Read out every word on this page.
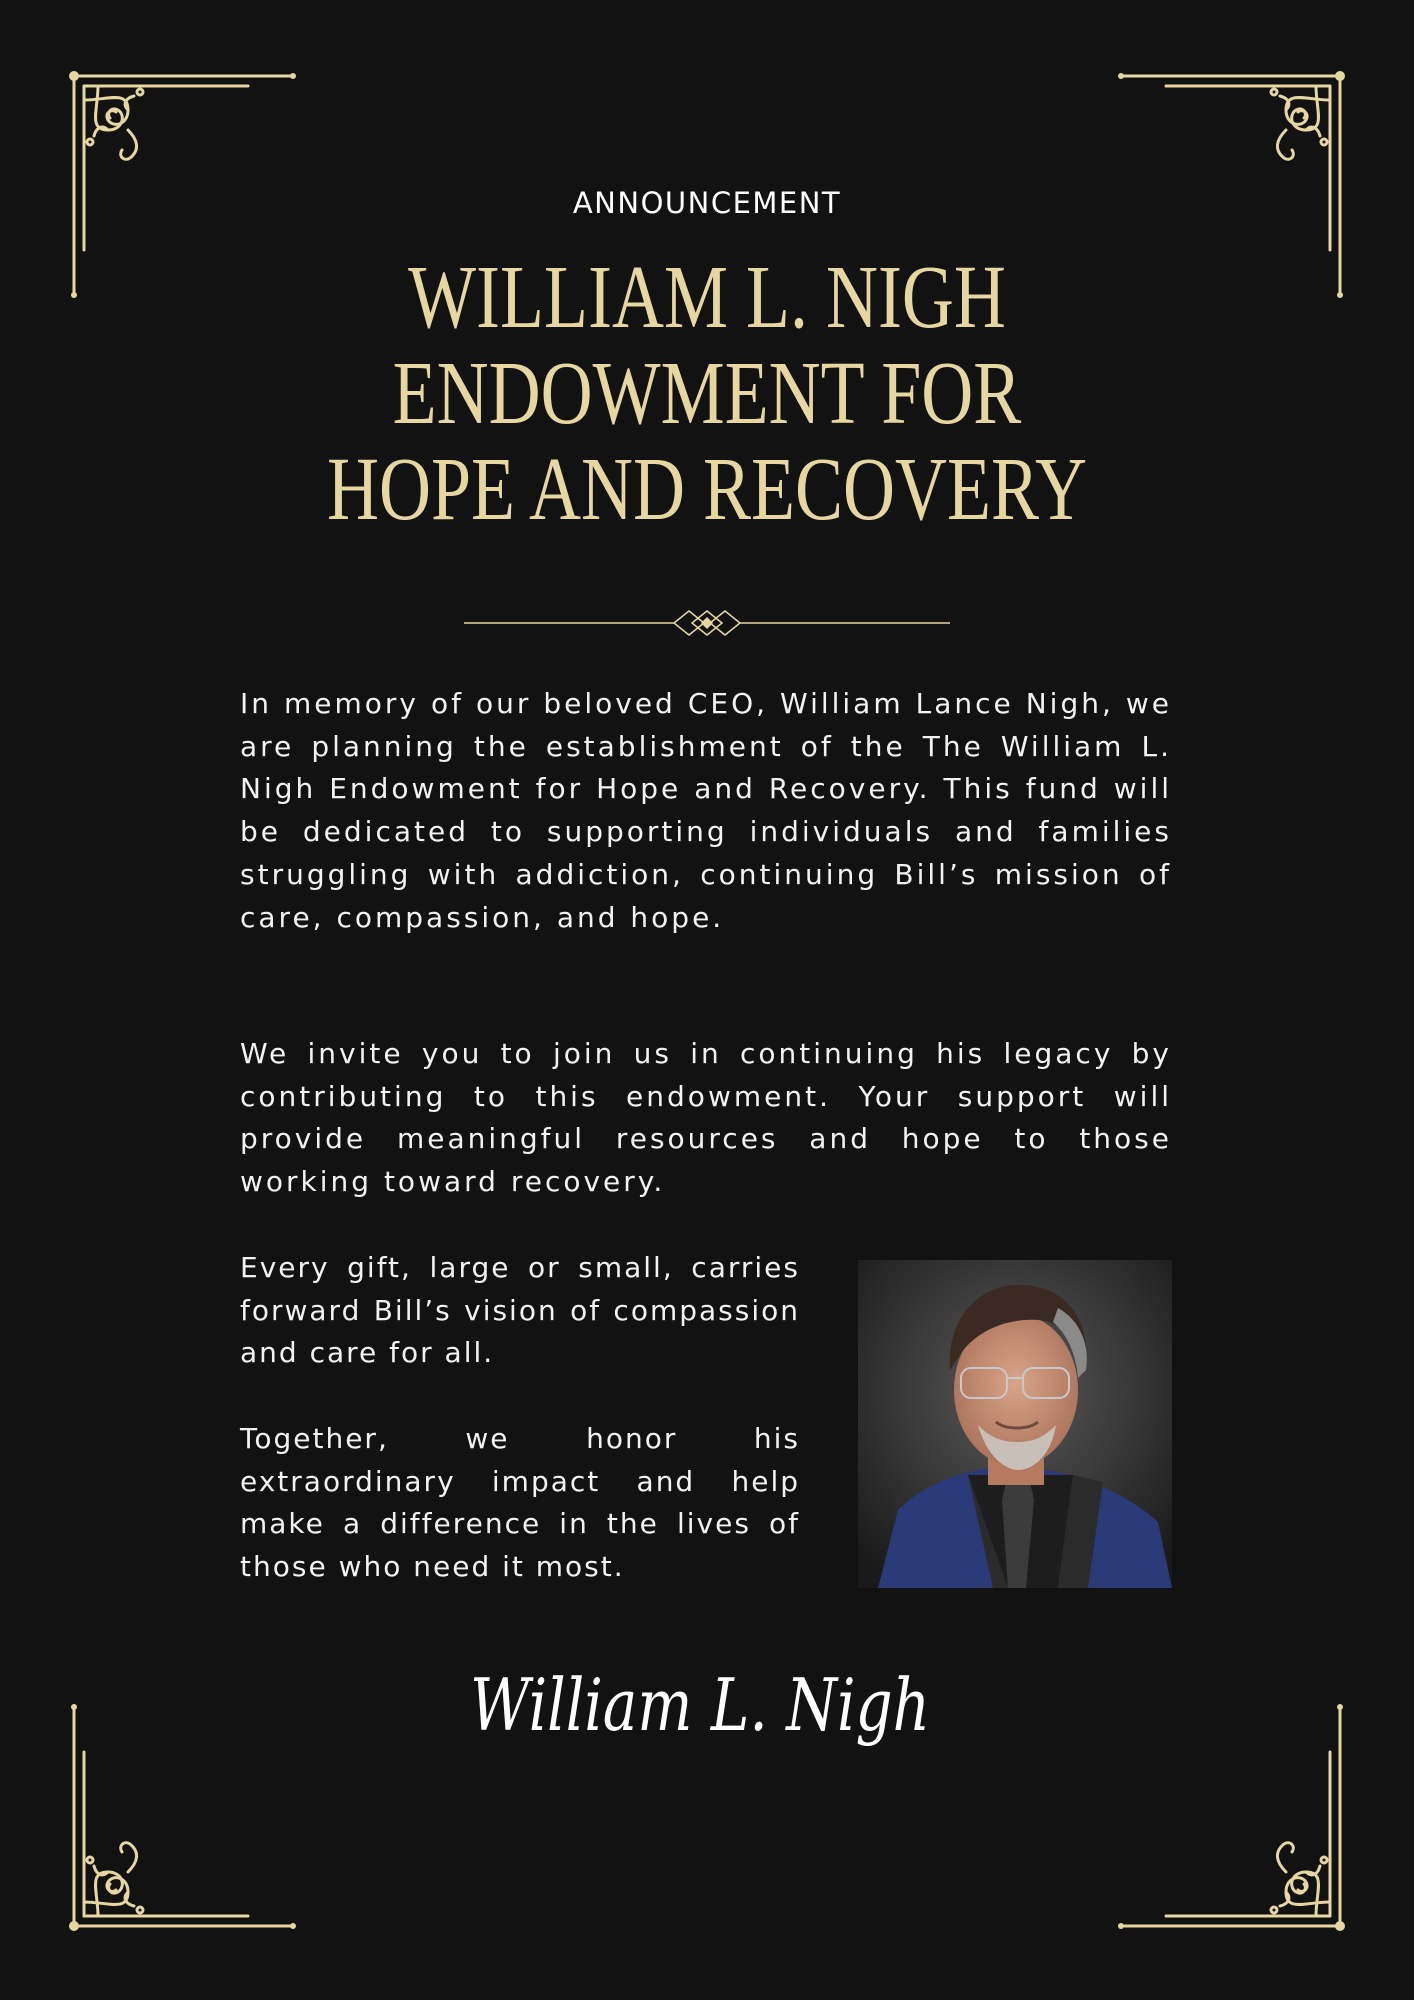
ANNOUNCEMENT
WILLIAM L. NIGH
ENDOWMENT FOR
HOPE AND RECOVERY

In memory of our beloved CEO, William Lance Nigh, we are planning the establishment of the The William L. Nigh Endowment for Hope and Recovery. This fund will be dedicated to supporting individuals and families struggling with addiction, continuing Bill’s mission of care, compassion, and hope.

We invite you to join us in continuing his legacy by contributing to this endowment. Your support will provide meaningful resources and hope to those working toward recovery.

Every gift, large or small, carries forward Bill’s vision of compassion and care for all.

Together, we honor his extraordinary impact and help make a difference in the lives of those who need it most.

William L. Nigh
